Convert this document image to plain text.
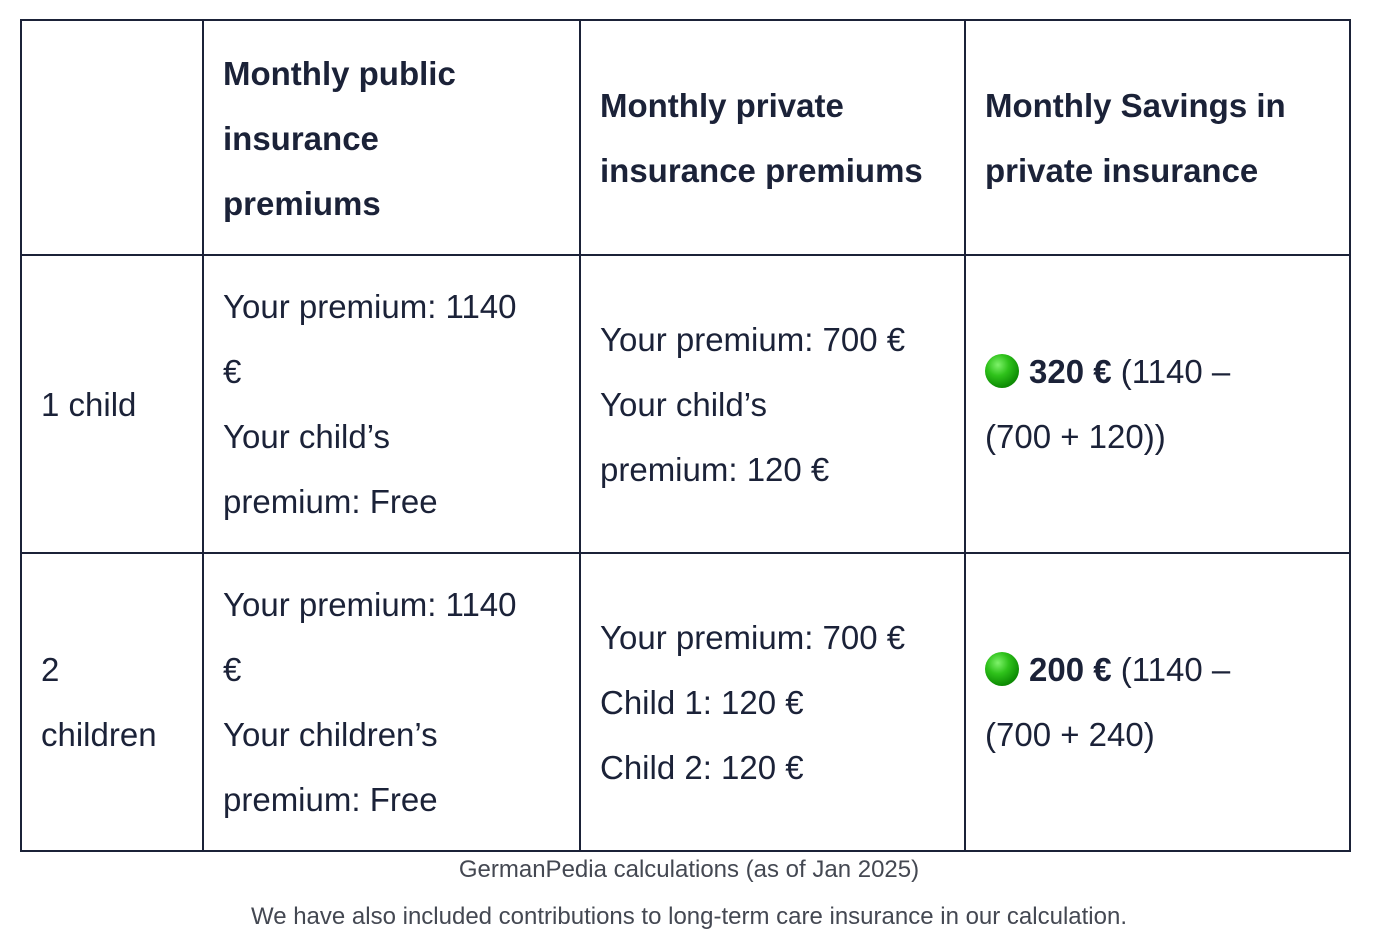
	Monthly public
insurance
premiums	Monthly private
insurance premiums	Monthly Savings in
private insurance

1 child	Your premium: 1140
€
Your child’s
premium: Free	Your premium: 700 €
Your child’s
premium: 120 €	320 € (1140 –
(700 + 120))

2
children	Your premium: 1140
€
Your children’s
premium: Free	Your premium: 700 €
Child 1: 120 €
Child 2: 120 €	200 € (1140 –
(700 + 240)
GermanPedia calculations (as of Jan 2025)
We have also included contributions to long-term care insurance in our calculation.
